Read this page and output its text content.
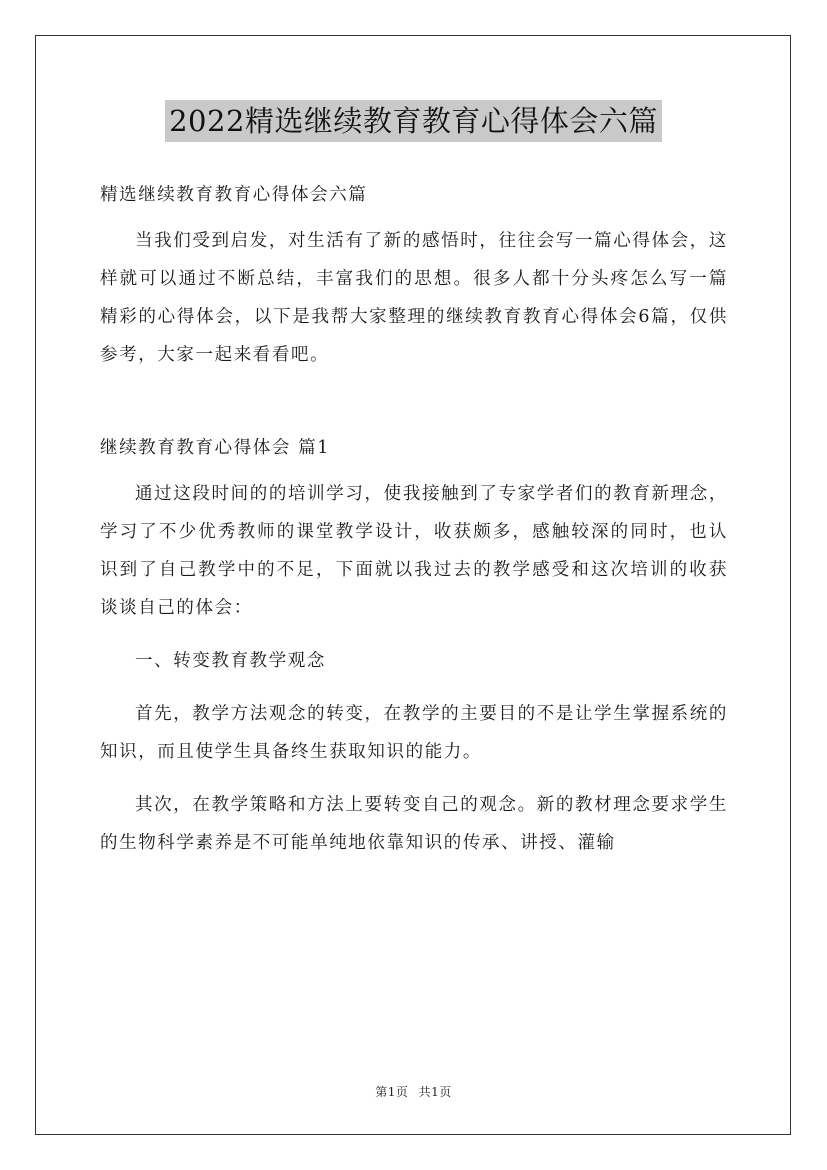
2022精选继续教育教育心得体会六篇

精选继续教育教育心得体会六篇

当我们受到启发，对生活有了新的感悟时，往往会写一篇心得体会，这样就可以通过不断总结，丰富我们的思想。很多人都十分头疼怎么写一篇精彩的心得体会，以下是我帮大家整理的继续教育教育心得体会6篇，仅供参考，大家一起来看看吧。

继续教育教育心得体会 篇1

通过这段时间的的培训学习，使我接触到了专家学者们的教育新理念，学习了不少优秀教师的课堂教学设计，收获颇多，感触较深的同时，也认识到了自己教学中的不足，下面就以我过去的教学感受和这次培训的收获谈谈自己的体会：

一、转变教育教学观念

首先，教学方法观念的转变，在教学的主要目的不是让学生掌握系统的知识，而且使学生具备终生获取知识的能力。

其次，在教学策略和方法上要转变自己的观念。新的教材理念要求学生的生物科学素养是不可能单纯地依靠知识的传承、讲授、灌输

第1页 共1页
